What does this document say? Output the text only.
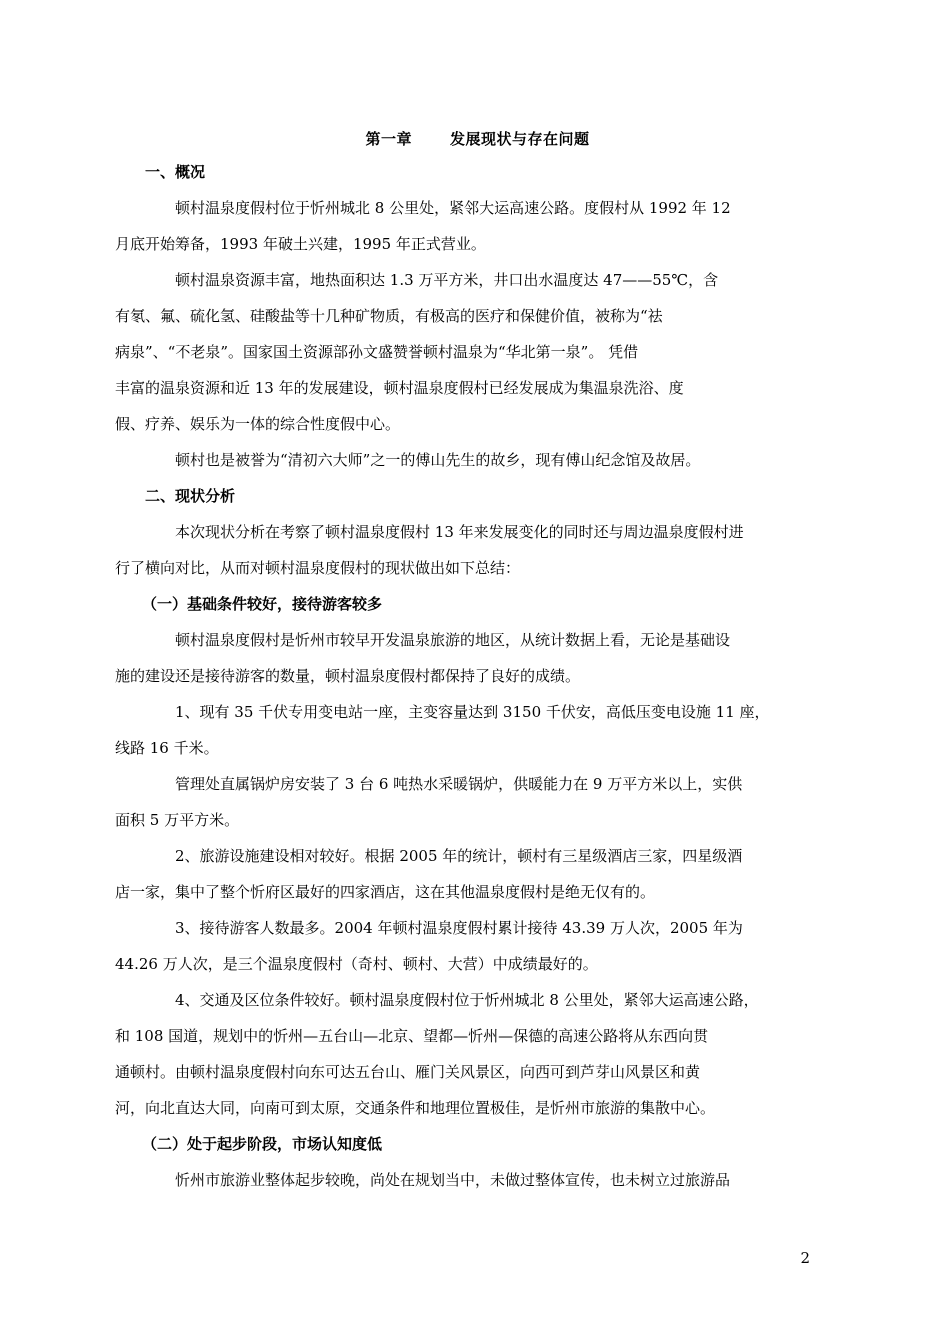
第一章	发展现状与存在问题
一、概况

顿村温泉度假村位于忻州城北 8 公里处，紧邻大运高速公路。度假村从 1992 年 12
月底开始筹备，1993 年破土兴建，1995 年正式营业。

顿村温泉资源丰富，地热面积达 1.3 万平方米，井口出水温度达 47——55℃，含
有氡、氟、硫化氢、硅酸盐等十几种矿物质，有极高的医疗和保健价值，被称为“祛
病泉”、“不老泉”。国家国土资源部孙文盛赞誉顿村温泉为“华北第一泉”。 凭借
丰富的温泉资源和近 13 年的发展建设，顿村温泉度假村已经发展成为集温泉洗浴、度
假、疗养、娱乐为一体的综合性度假中心。

顿村也是被誉为“清初六大师”之一的傅山先生的故乡，现有傅山纪念馆及故居。

二、现状分析

本次现状分析在考察了顿村温泉度假村 13 年来发展变化的同时还与周边温泉度假村进
行了横向对比，从而对顿村温泉度假村的现状做出如下总结：

（一）基础条件较好，接待游客较多

顿村温泉度假村是忻州市较早开发温泉旅游的地区，从统计数据上看，无论是基础设
施的建设还是接待游客的数量，顿村温泉度假村都保持了良好的成绩。

1、现有 35 千伏专用变电站一座，主变容量达到 3150 千伏安，高低压变电设施 11 座，
线路 16 千米。

管理处直属锅炉房安装了 3 台 6 吨热水采暖锅炉，供暖能力在 9 万平方米以上，实供
面积 5 万平方米。

2、旅游设施建设相对较好。根据 2005 年的统计，顿村有三星级酒店三家，四星级酒
店一家，集中了整个忻府区最好的四家酒店，这在其他温泉度假村是绝无仅有的。

3、接待游客人数最多。2004 年顿村温泉度假村累计接待 43.39 万人次，2005 年为
44.26 万人次，是三个温泉度假村（奇村、顿村、大营）中成绩最好的。

4、交通及区位条件较好。顿村温泉度假村位于忻州城北 8 公里处，紧邻大运高速公路，
和 108 国道，规划中的忻州—五台山—北京、望都—忻州—保德的高速公路将从东西向贯
通顿村。由顿村温泉度假村向东可达五台山、雁门关风景区，向西可到芦芽山风景区和黄
河，向北直达大同，向南可到太原，交通条件和地理位置极佳，是忻州市旅游的集散中心。

（二）处于起步阶段，市场认知度低

忻州市旅游业整体起步较晚，尚处在规划当中，未做过整体宣传，也未树立过旅游品

2
